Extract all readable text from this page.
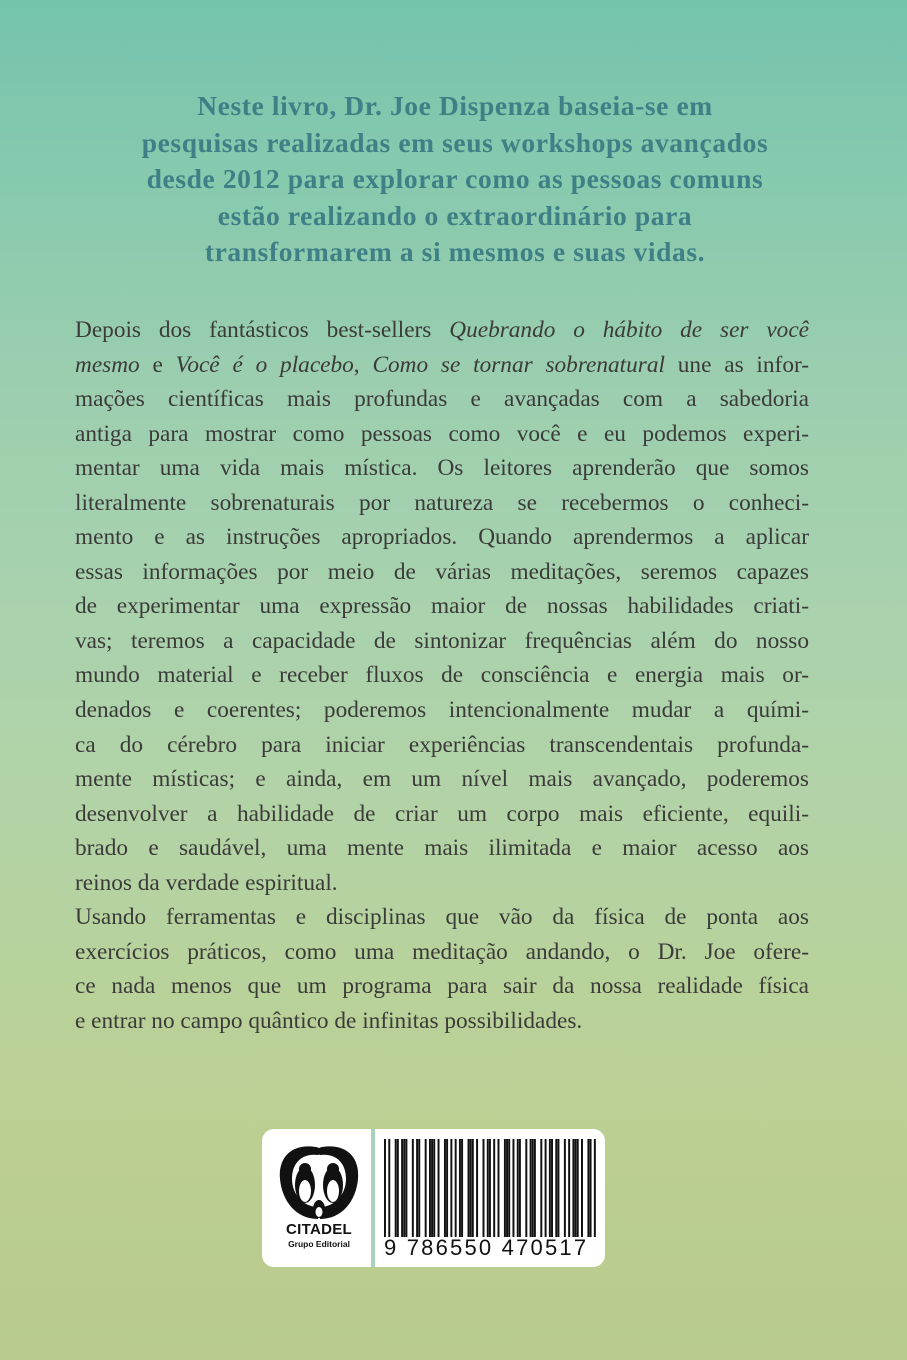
Neste livro, Dr. Joe Dispenza baseia-se em
pesquisas realizadas em seus workshops avançados
desde 2012 para explorar como as pessoas comuns
estão realizando o extraordinário para
transformarem a si mesmos e suas vidas.
Depois dos fantásticos best-sellers Quebrando o hábito de ser você
mesmo e Você é o placebo, Como se tornar sobrenatural une as infor-
mações científicas mais profundas e avançadas com a sabedoria
antiga para mostrar como pessoas como você e eu podemos experi-
mentar uma vida mais mística. Os leitores aprenderão que somos
literalmente sobrenaturais por natureza se recebermos o conheci-
mento e as instruções apropriados. Quando aprendermos a aplicar
essas informações por meio de várias meditações, seremos capazes
de experimentar uma expressão maior de nossas habilidades criati-
vas; teremos a capacidade de sintonizar frequências além do nosso
mundo material e receber fluxos de consciência e energia mais or-
denados e coerentes; poderemos intencionalmente mudar a quími-
ca do cérebro para iniciar experiências transcendentais profunda-
mente místicas; e ainda, em um nível mais avançado, poderemos
desenvolver a habilidade de criar um corpo mais eficiente, equili-
brado e saudável, uma mente mais ilimitada e maior acesso aos
reinos da verdade espiritual.
Usando ferramentas e disciplinas que vão da física de ponta aos
exercícios práticos, como uma meditação andando, o Dr. Joe ofere-
ce nada menos que um programa para sair da nossa realidade física
e entrar no campo quântico de infinitas possibilidades.
CITADEL
Grupo Editorial	9 786550 470517
